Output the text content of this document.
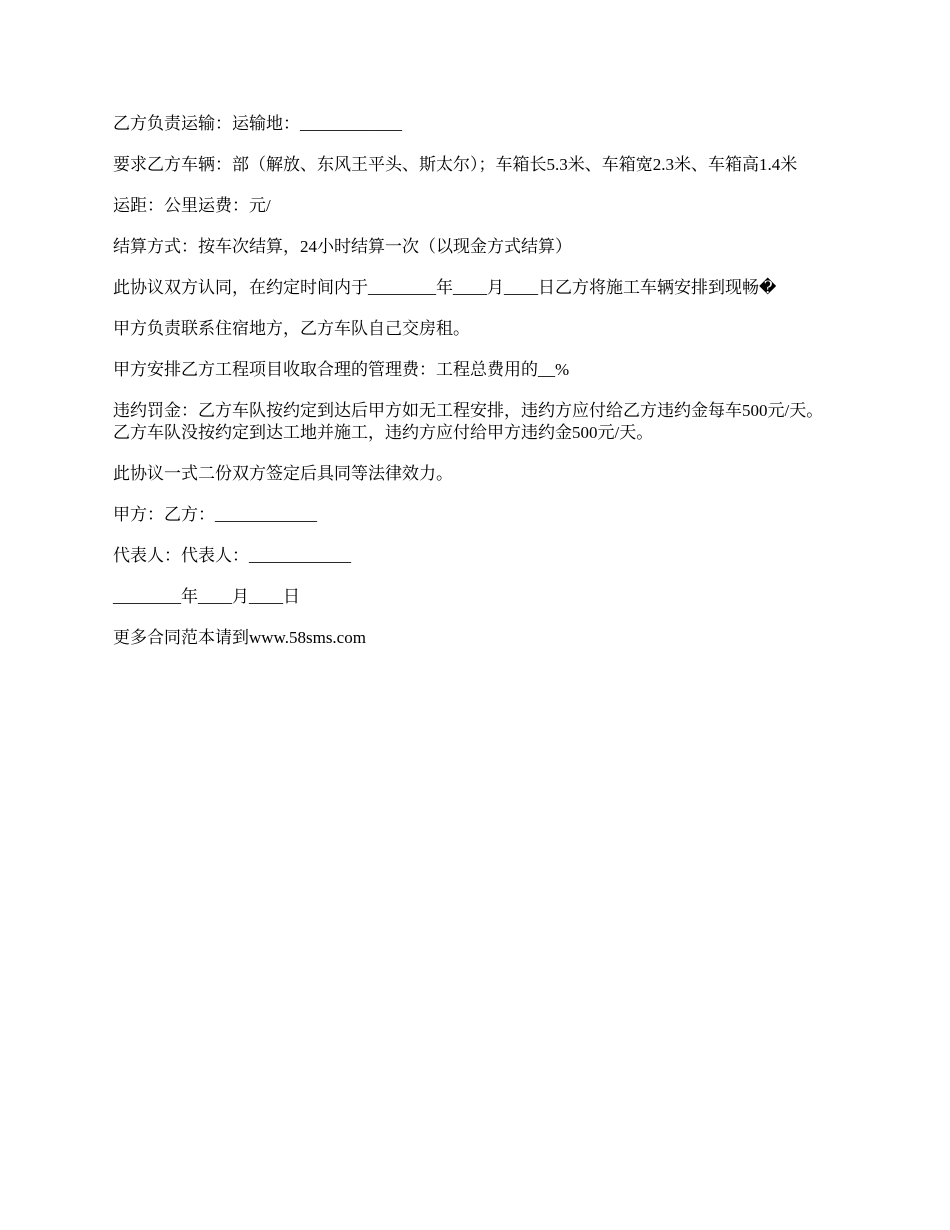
乙方负责运输：运输地：____________

要求乙方车辆：部（解放、东风王平头、斯太尔）；车箱长5.3米、车箱宽2.3米、车箱高1.4米

运距：公里运费：元/

结算方式：按车次结算，24小时结算一次（以现金方式结算）

此协议双方认同，在约定时间内于________年____月____日乙方将施工车辆安排到现畅�

甲方负责联系住宿地方，乙方车队自己交房租。

甲方安排乙方工程项目收取合理的管理费：工程总费用的__%

违约罚金：乙方车队按约定到达后甲方如无工程安排，违约方应付给乙方违约金每车500元/天。乙方车队没按约定到达工地并施工，违约方应付给甲方违约金500元/天。

此协议一式二份双方签定后具同等法律效力。

甲方：乙方：____________

代表人：代表人：____________

________年____月____日

更多合同范本请到www.58sms.com
